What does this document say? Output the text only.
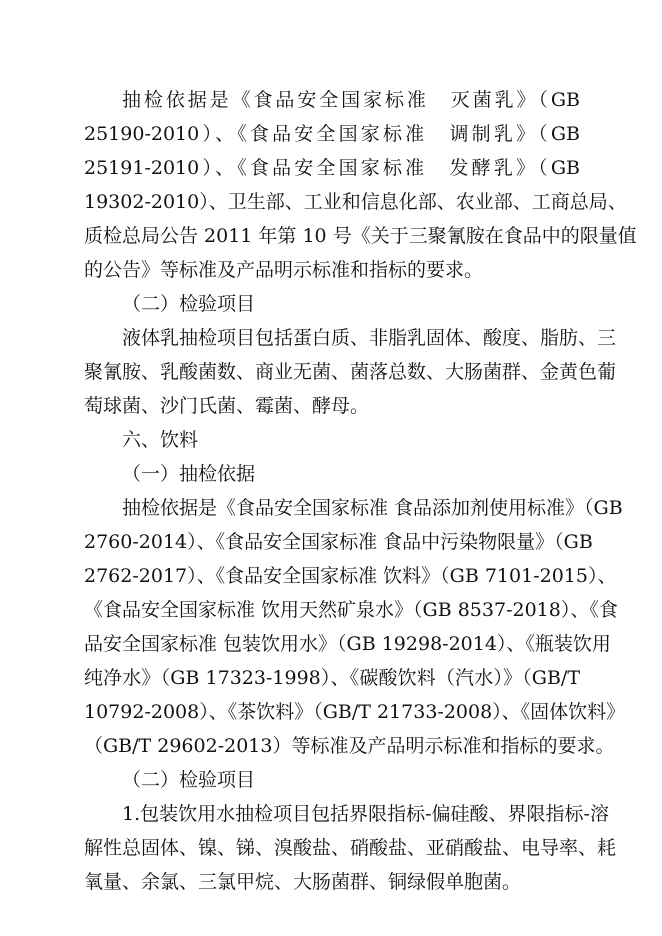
抽检依据是《食品安全国家标准　灭菌乳》（GB
25190-2010）、《食品安全国家标准　调制乳》（GB
25191-2010）、《食品安全国家标准　发酵乳》（GB
19302-2010）、卫生部、工业和信息化部、农业部、工商总局、
质检总局公告 2011 年第 10 号《关于三聚氰胺在食品中的限量值
的公告》等标准及产品明示标准和指标的要求。
（二）检验项目
液体乳抽检项目包括蛋白质、非脂乳固体、酸度、脂肪、三
聚氰胺、乳酸菌数、商业无菌、菌落总数、大肠菌群、金黄色葡
萄球菌、沙门氏菌、霉菌、酵母。
六、饮料
（一）抽检依据
抽检依据是《食品安全国家标准 食品添加剂使用标准》（GB
2760-2014）、《食品安全国家标准 食品中污染物限量》（GB
2762-2017）、《食品安全国家标准 饮料》（GB 7101-2015）、
《食品安全国家标准 饮用天然矿泉水》（GB 8537-2018）、《食
品安全国家标准 包装饮用水》（GB 19298-2014）、《瓶装饮用
纯净水》（GB 17323-1998）、《碳酸饮料（汽水）》（GB/T
10792-2008）、《茶饮料》（GB/T 21733-2008）、《固体饮料》
（GB/T 29602-2013）等标准及产品明示标准和指标的要求。
（二）检验项目
1.包装饮用水抽检项目包括界限指标-偏硅酸、界限指标-溶
解性总固体、镍、锑、溴酸盐、硝酸盐、亚硝酸盐、电导率、耗
氧量、余氯、三氯甲烷、大肠菌群、铜绿假单胞菌。
